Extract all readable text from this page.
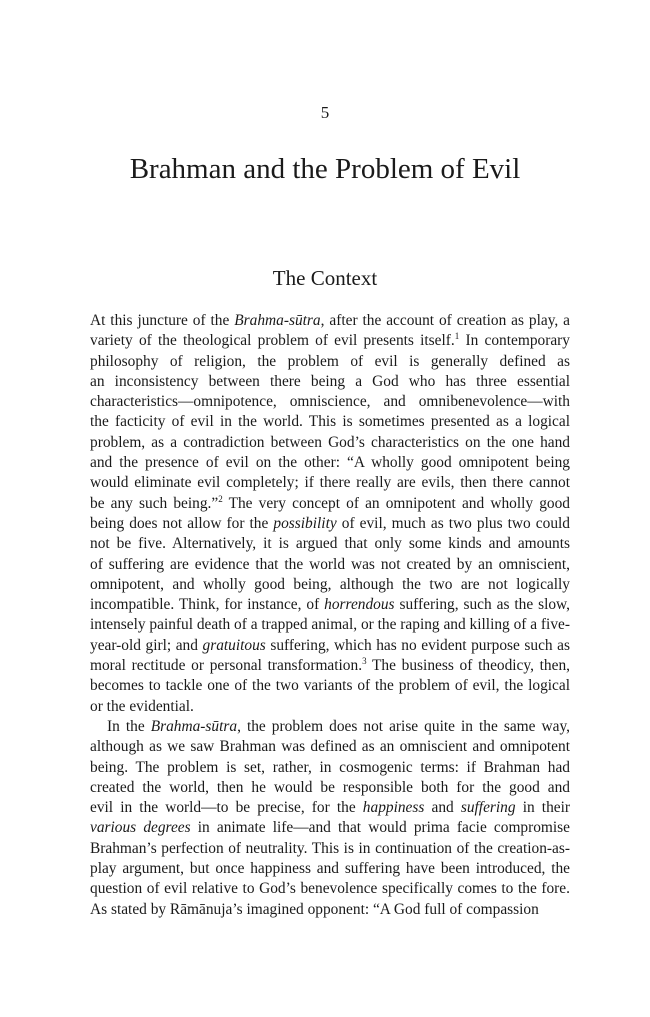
5
Brahman and the Problem of Evil
The Context
At this juncture of the Brahma-sūtra, after the account of creation as play, a
variety of the theological problem of evil presents itself.$^1$ In contemporary
philosophy of religion, the problem of evil is generally defined as
an inconsistency between there being a God who has three essential
characteristics—omnipotence, omniscience, and omnibenevolence—with
the facticity of evil in the world. This is sometimes presented as a logical
problem, as a contradiction between God’s characteristics on the one hand
and the presence of evil on the other: “A wholly good omnipotent being
would eliminate evil completely; if there really are evils, then there cannot
be any such being.”$^2$ The very concept of an omnipotent and wholly good
being does not allow for the possibility of evil, much as two plus two could
not be five. Alternatively, it is argued that only some kinds and amounts
of suffering are evidence that the world was not created by an omniscient,
omnipotent, and wholly good being, although the two are not logically
incompatible. Think, for instance, of horrendous suffering, such as the slow,
intensely painful death of a trapped animal, or the raping and killing of a five-
year-old girl; and gratuitous suffering, which has no evident purpose such as
moral rectitude or personal transformation.$^3$ The business of theodicy, then,
becomes to tackle one of the two variants of the problem of evil, the logical
or the evidential.
In the Brahma-sūtra, the problem does not arise quite in the same way,
although as we saw Brahman was defined as an omniscient and omnipotent
being. The problem is set, rather, in cosmogenic terms: if Brahman had
created the world, then he would be responsible both for the good and
evil in the world—to be precise, for the happiness and suffering in their
various degrees in animate life—and that would prima facie compromise
Brahman’s perfection of neutrality. This is in continuation of the creation-as-
play argument, but once happiness and suffering have been introduced, the
question of evil relative to God’s benevolence specifically comes to the fore.
As stated by Rāmānuja’s imagined opponent: “A God full of compassion
